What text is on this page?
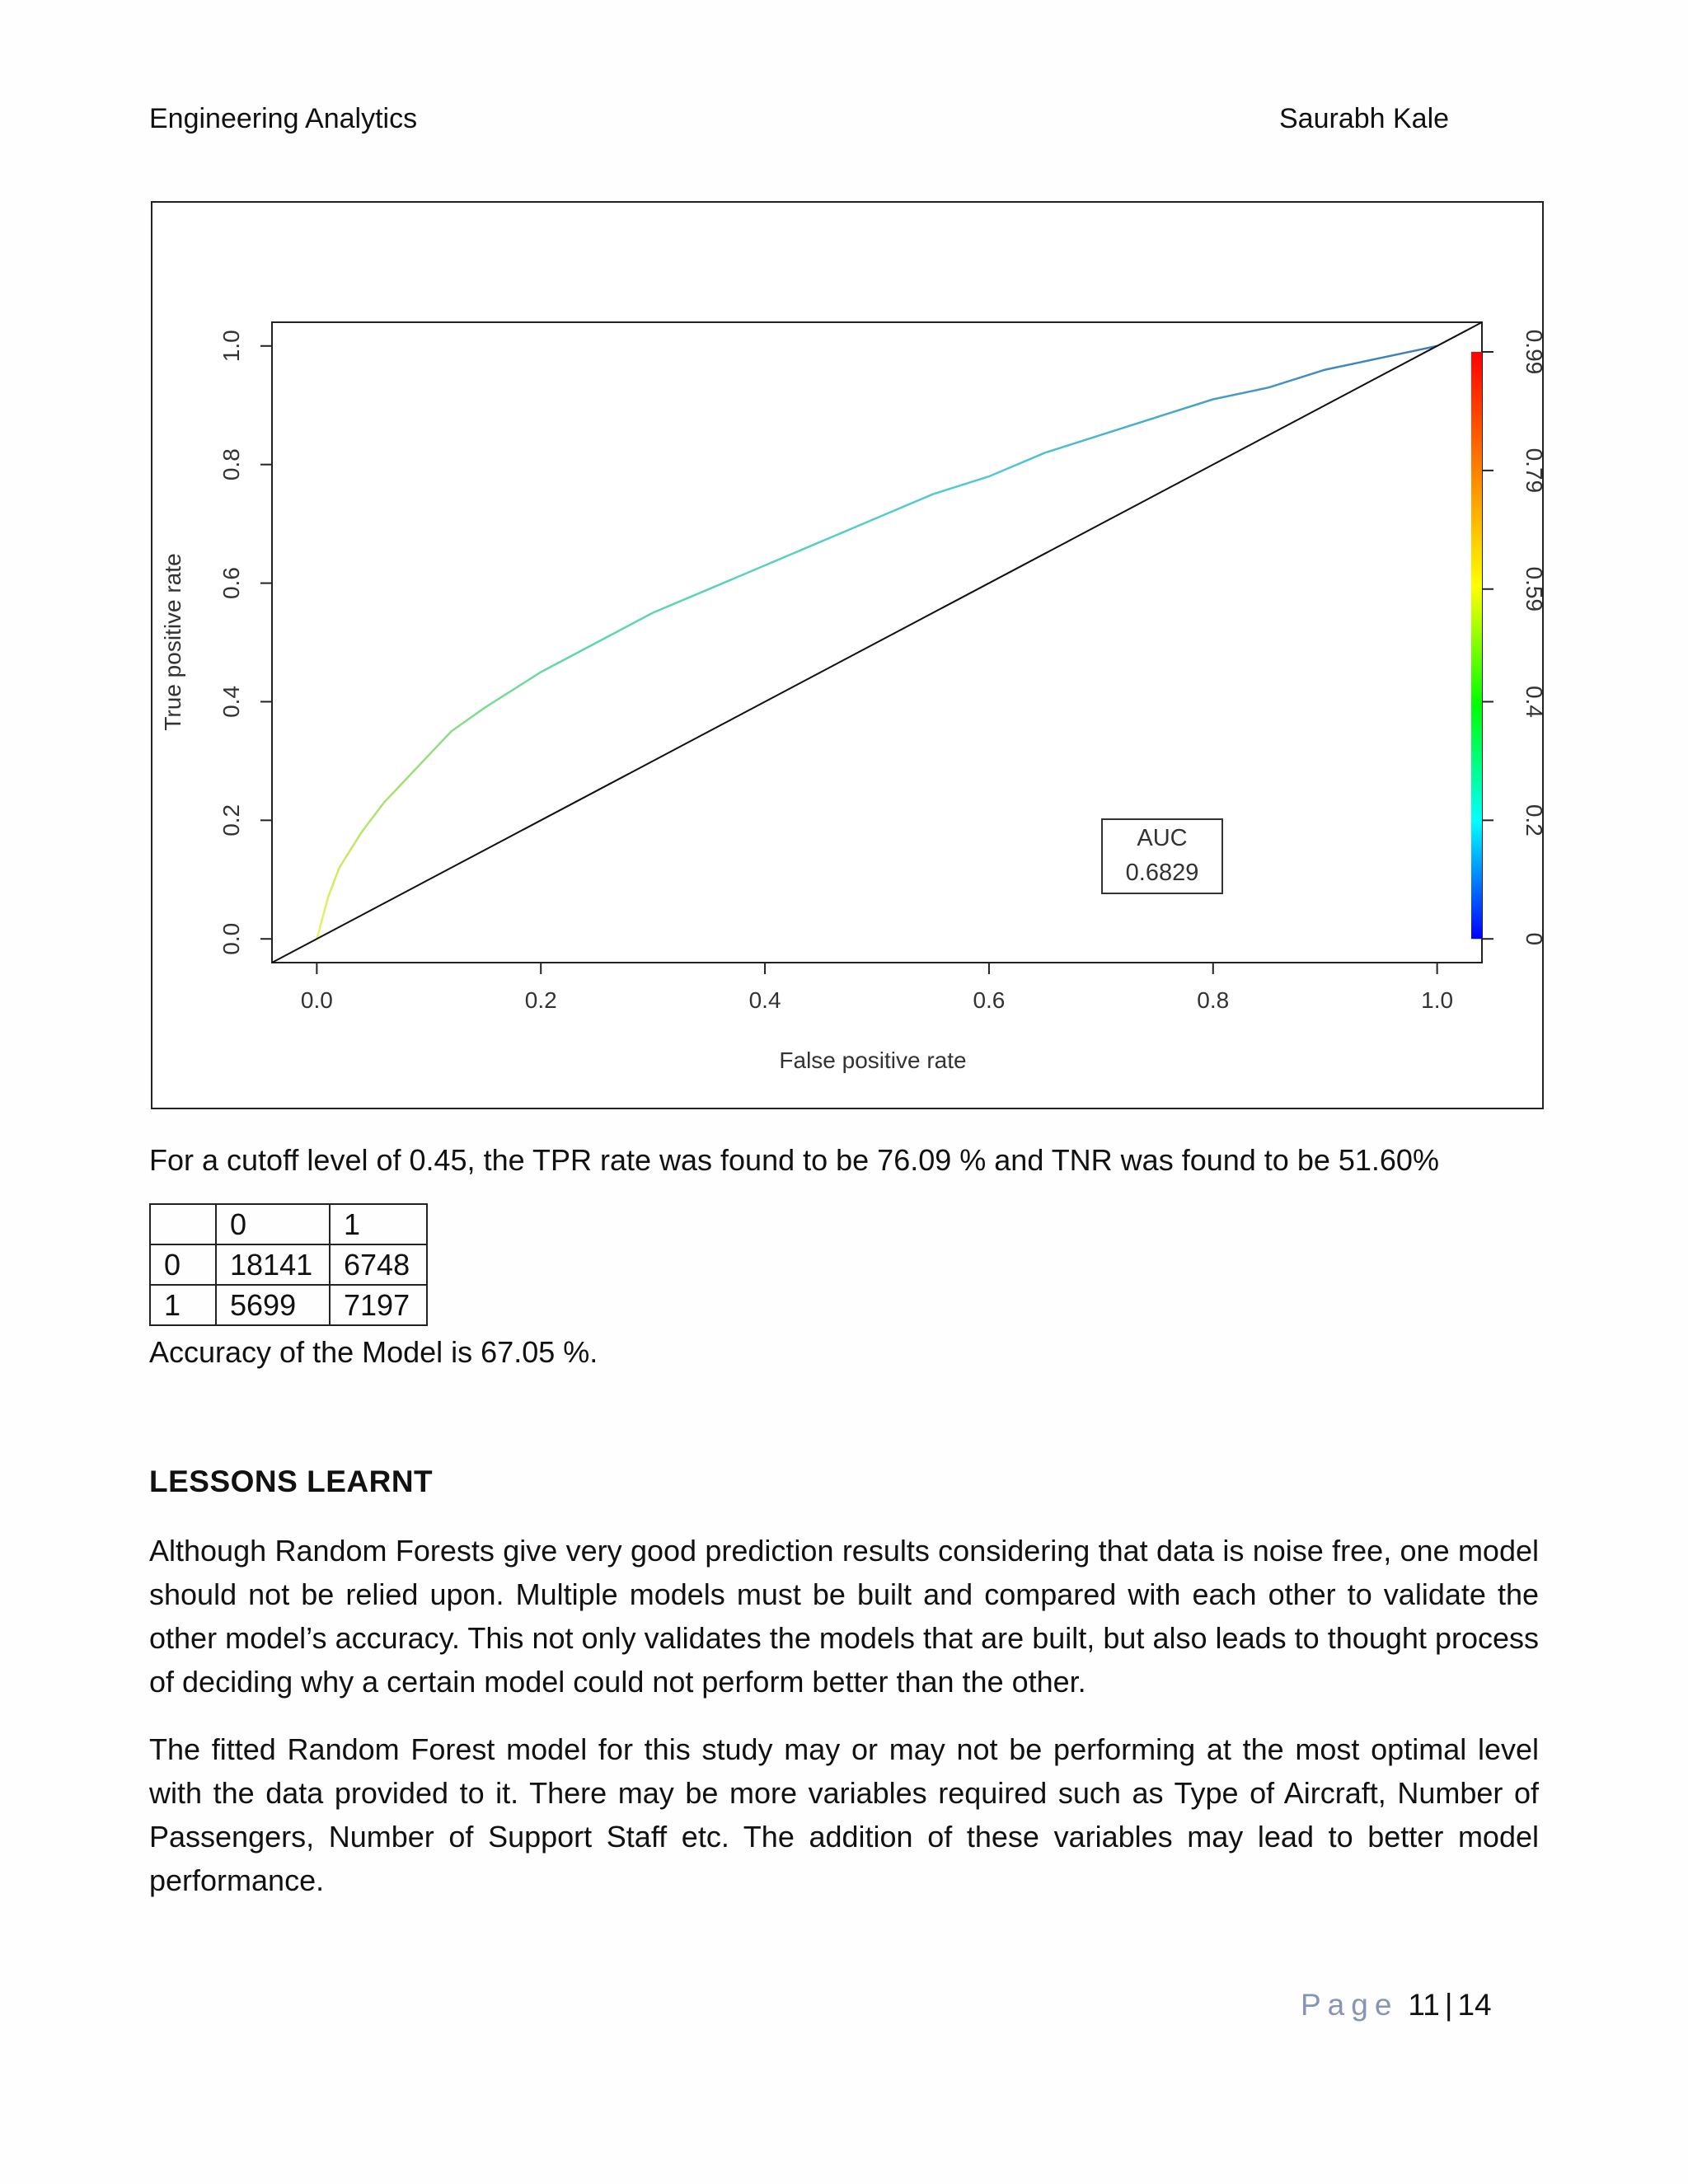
Engineering Analytics	Saurabh Kale
0.0	0.2	0.4	0.6	0.8	1.0
0.0
0.2
0.4
0.6
0.8
1.0
0
0.2
0.4
0.59
0.79
0.99
False positive rate
True positive rate
AUC
0.6829
For a cutoff level of 0.45, the TPR rate was found to be 76.09 % and TNR was found to be 51.60%
	0	1
0	18141	6748
1	5699	7197
Accuracy of the Model is 67.05 %.
LESSONS LEARNT
Although Random Forests give very good prediction results considering that data is noise free, one model should not be relied upon. Multiple models must be built and compared with each other to validate the other model’s accuracy. This not only validates the models that are built, but also leads to thought process of deciding why a certain model could not perform better than the other.
The fitted Random Forest model for this study may or may not be performing at the most optimal level with the data provided to it. There may be more variables required such as Type of Aircraft, Number of Passengers, Number of Support Staff etc. The addition of these variables may lead to better model performance.
Page 11 | 14
